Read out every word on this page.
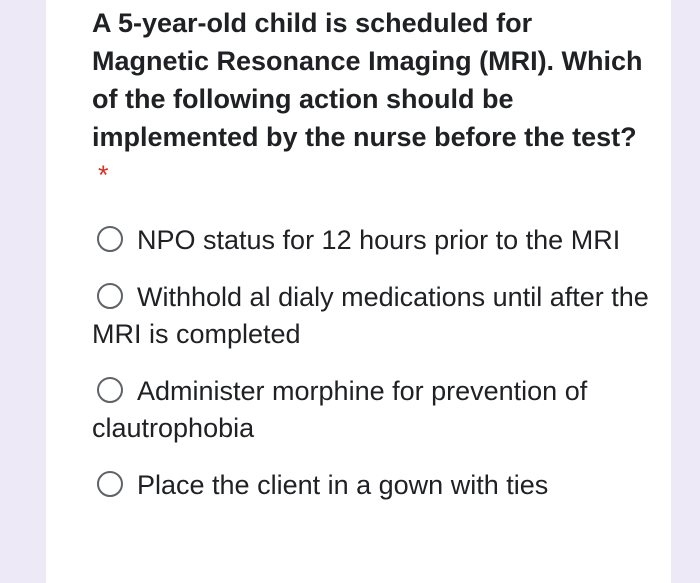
A 5-year-old child is scheduled for Magnetic Resonance Imaging (MRI). Which of the following action should be implemented by the nurse before the test?*

NPO status for 12 hours prior to the MRI
Withhold al dialy medications until after the MRI is completed
Administer morphine for prevention of clautrophobia
Place the client in a gown with ties
